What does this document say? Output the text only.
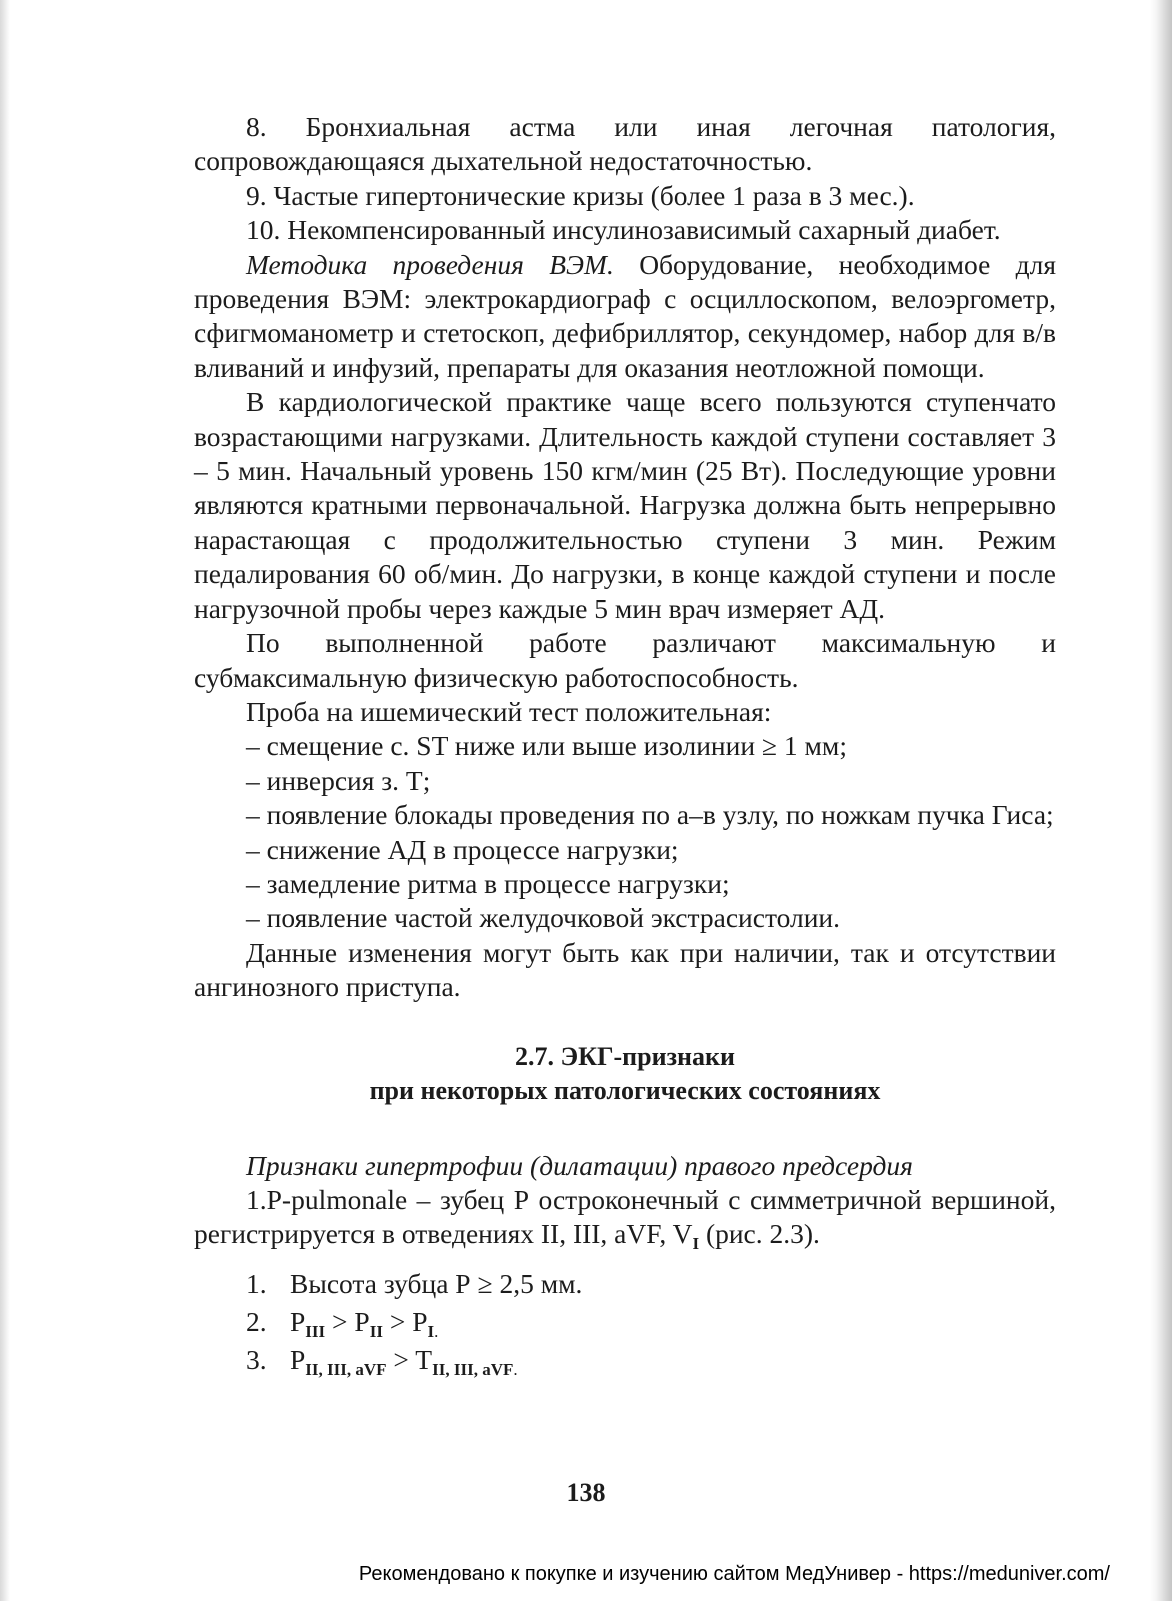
8. Бронхиальная астма или иная легочная патология, сопровождающаяся дыхательной недостаточностью.

9. Частые гипертонические кризы (более 1 раза в 3 мес.).

10. Некомпенсированный инсулинозависимый сахарный диабет.

Методика проведения ВЭМ. Оборудование, необходимое для проведения ВЭМ: электрокардиограф с осциллоскопом, велоэргометр, сфигмоманометр и стетоскоп, дефибриллятор, секундомер, набор для в/в вливаний и инфузий, препараты для оказания неотложной помощи.

В кардиологической практике чаще всего пользуются ступенчато возрастающими нагрузками. Длительность каждой ступени составляет 3 – 5 мин. Начальный уровень 150 кгм/мин (25 Вт). Последующие уровни являются кратными первоначальной. Нагрузка должна быть непрерывно нарастающая с продолжительностью ступени 3 мин. Режим педалирования 60 об/мин. До нагрузки, в конце каждой ступени и после нагрузочной пробы через каждые 5 мин врач измеряет АД.

По выполненной работе различают максимальную и субмаксимальную физическую работоспособность.

Проба на ишемический тест положительная:

– смещение с. ST ниже или выше изолинии ≥ 1 мм;

– инверсия з. Т;

– появление блокады проведения по а–в узлу, по ножкам пучка Гиса;

– снижение АД в процессе нагрузки;

– замедление ритма в процессе нагрузки;

– появление частой желудочковой экстрасистолии.

Данные изменения могут быть как при наличии, так и отсутствии ангинозного приступа.

2.7. ЭКГ-признаки
при некоторых патологических состояниях

Признаки гипертрофии (дилатации) правого предсердия

1.P-pulmonale – зубец Р остроконечный с симметричной вершиной, регистрируется в отведениях II, III, aVF, $V_I$ (рис. 2.3).

1. Высота зубца Р ≥ 2,5 мм.
2. $P_{III} > P_{II} > P_{I.}$
3. $P_{II, III, aVF} > T_{II, III, aVF.}$
138
Рекомендовано к покупке и изучению сайтом МедУнивер - https://meduniver.com/
